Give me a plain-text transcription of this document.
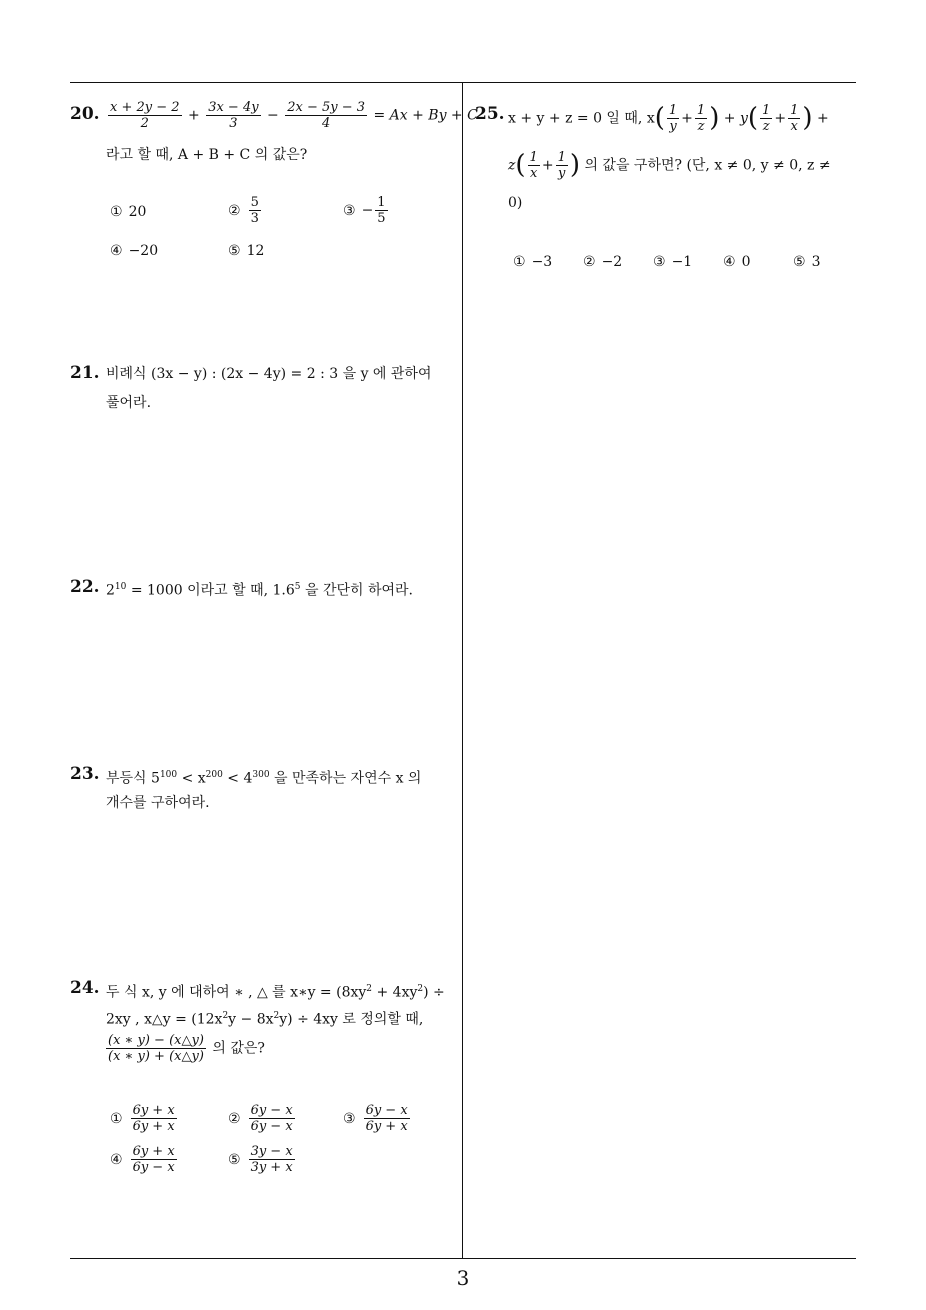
20. $\frac{x + 2y - 2}{2} + \frac{3x - 4y}{3} - \frac{2x - 5y - 3}{4} = Ax + By + C$
라고 할 때, A + B + C 의 값은?
① 20	② $\frac{5}{3}$	③ − $\frac{1}{5}$
④ −20	⑤ 12
21. 비례식 (3x − y) : (2x − 4y) = 2 : 3 을 y 에 관하여
풀어라.
22. $2^{10} = 1000$ 이라고 할 때, $1.6^5$ 을 간단히 하여라.
23. 부등식 $5^{100} < x^{200} < 4^{300}$ 을 만족하는 자연수 x 의
개수를 구하여라.
24. 두 식 x, y 에 대하여 ∗ , △ 를 x∗y = $(8xy^2 + 4xy^2)$ ÷
2xy , x△y = $(12x^2y - 8x^2y) \div 4xy$ 로 정의할 때,
$\frac{(x ∗ y) - (x\triangle y)}{(x ∗ y) + (x\triangle y)}$ 의 값은?
① $\frac{6y + x}{6y + x}$	② $\frac{6y - x}{6y - x}$	③ $\frac{6y - x}{6y + x}$
④ $\frac{6y + x}{6y - x}$	⑤ $\frac{3y - x}{3y + x}$
25. x + y + z = 0 일 때, $x( \frac{1}{y} + \frac{1}{z}$ ) + $y( \frac{1}{z} + \frac{1}{x}$ ) +
$z( \frac{1}{x} + \frac{1}{y}$ ) 의 값을 구하면? (단, x ≠ 0, y ≠ 0, z ≠
0)
① −3 ② −2 ③ −1 ④ 0	⑤ 3
3
